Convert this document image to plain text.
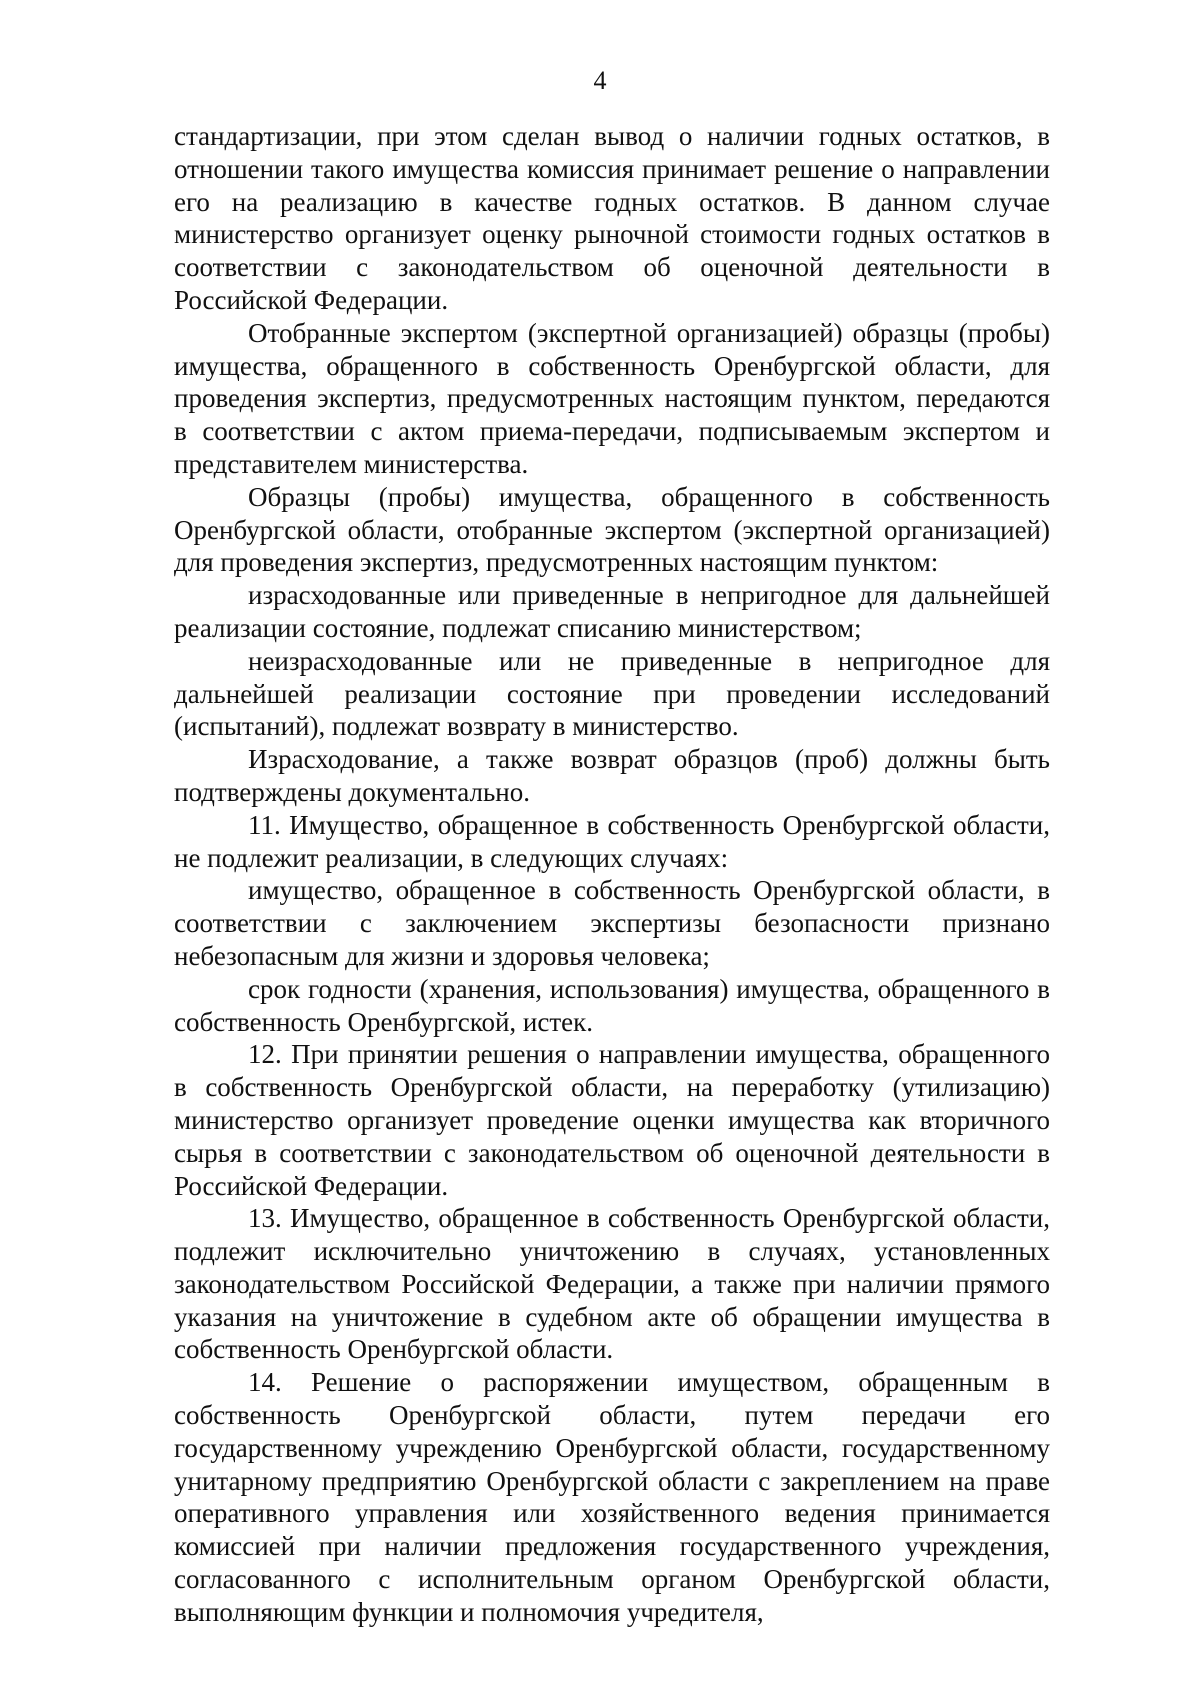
4

стандартизации, при этом сделан вывод о наличии годных остатков, в отношении такого имущества комиссия принимает решение о направлении его на реализацию в качестве годных остатков. В данном случае министерство организует оценку рыночной стоимости годных остатков в соответствии с законодательством об оценочной деятельности в Российской Федерации.

Отобранные экспертом (экспертной организацией) образцы (пробы) имущества, обращенного в собственность Оренбургской области, для проведения экспертиз, предусмотренных настоящим пунктом, передаются в соответствии с актом приема-передачи, подписываемым экспертом и представителем министерства.

Образцы (пробы) имущества, обращенного в собственность Оренбургской области, отобранные экспертом (экспертной организацией) для проведения экспертиз, предусмотренных настоящим пунктом:

израсходованные или приведенные в непригодное для дальнейшей реализации состояние, подлежат списанию министерством;

неизрасходованные или не приведенные в непригодное для дальнейшей реализации состояние при проведении исследований (испытаний), подлежат возврату в министерство.

Израсходование, а также возврат образцов (проб) должны быть подтверждены документально.

11. Имущество, обращенное в собственность Оренбургской области, не подлежит реализации, в следующих случаях:

имущество, обращенное в собственность Оренбургской области, в соответствии с заключением экспертизы безопасности признано небезопасным для жизни и здоровья человека;

срок годности (хранения, использования) имущества, обращенного в собственность Оренбургской, истек.

12. При принятии решения о направлении имущества, обращенного в собственность Оренбургской области, на переработку (утилизацию) министерство организует проведение оценки имущества как вторичного сырья в соответствии с законодательством об оценочной деятельности в Российской Федерации.

13. Имущество, обращенное в собственность Оренбургской области, подлежит исключительно уничтожению в случаях, установленных законодательством Российской Федерации, а также при наличии прямого указания на уничтожение в судебном акте об обращении имущества в собственность Оренбургской области.

14. Решение о распоряжении имуществом, обращенным в собственность Оренбургской области, путем передачи его государственному учреждению Оренбургской области, государственному унитарному предприятию Оренбургской области с закреплением на праве оперативного управления или хозяйственного ведения принимается комиссией при наличии предложения государственного учреждения, согласованного с исполнительным органом Оренбургской области, выполняющим функции и полномочия учредителя,
